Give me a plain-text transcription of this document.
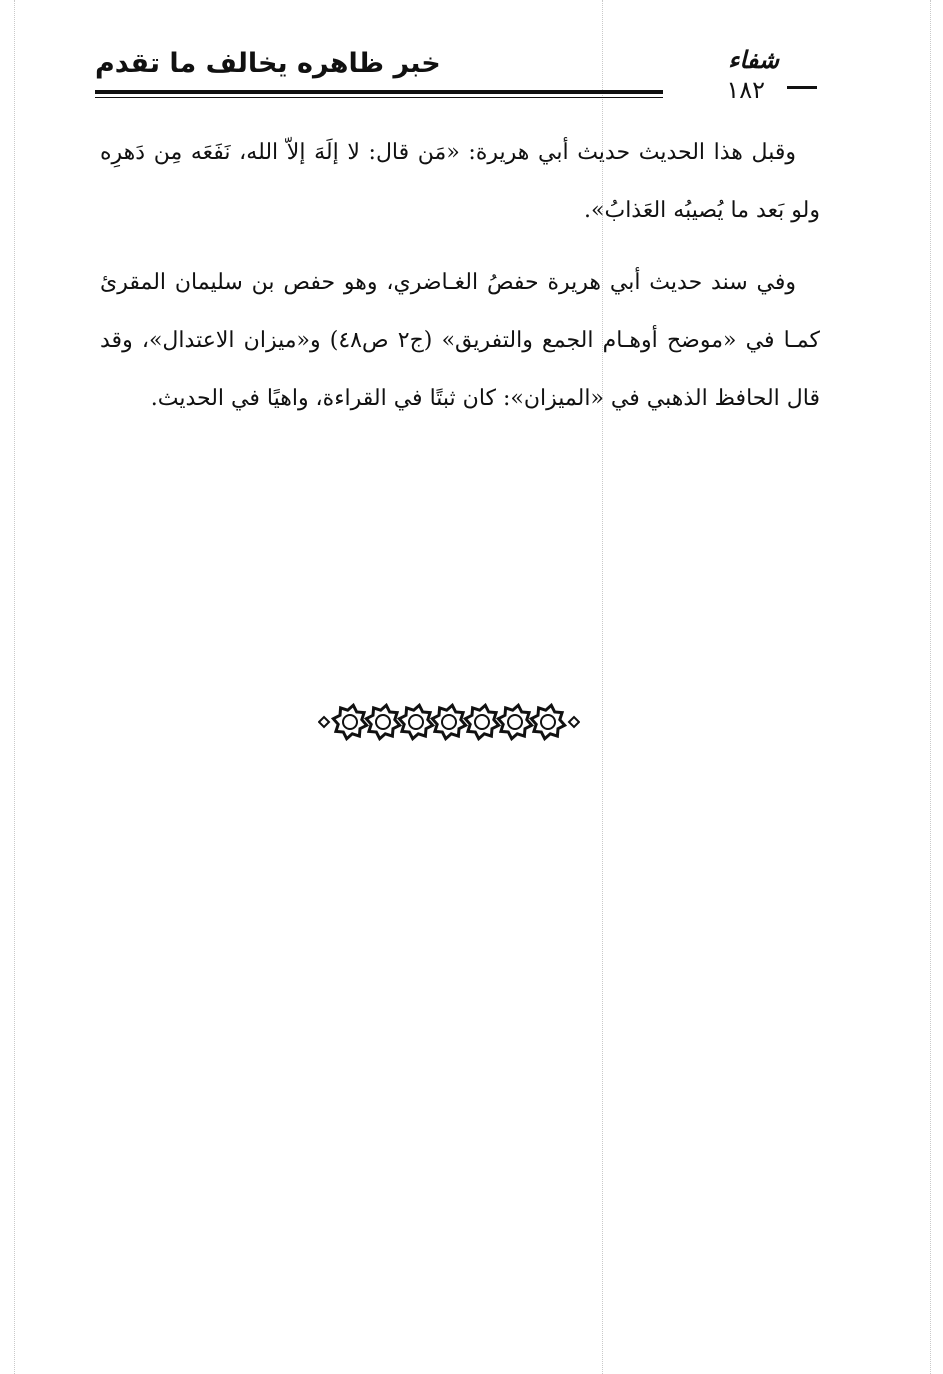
خبر ظاهره يخالف ما تقدم	شفاء
١٨٢

وقبل هذا الحديث حديث أبي هريرة: «مَن قال: لا إلَهَ إلاّ الله، نَفَعَه مِن دَهرِه ولو بَعد ما يُصيبُه العَذابُ».

وفي سند حديث أبي هريرة حفصُ الغـاضري، وهو حفص بن سليمان المقرئ كمـا في «موضح أوهـام الجمع والتفريق» (ج٢ ص٤٨) و«ميزان الاعتدال»، وقد قال الحافظ الذهبي في «الميزان»: كان ثبتًا في القراءة، واهيًا في الحديث.
